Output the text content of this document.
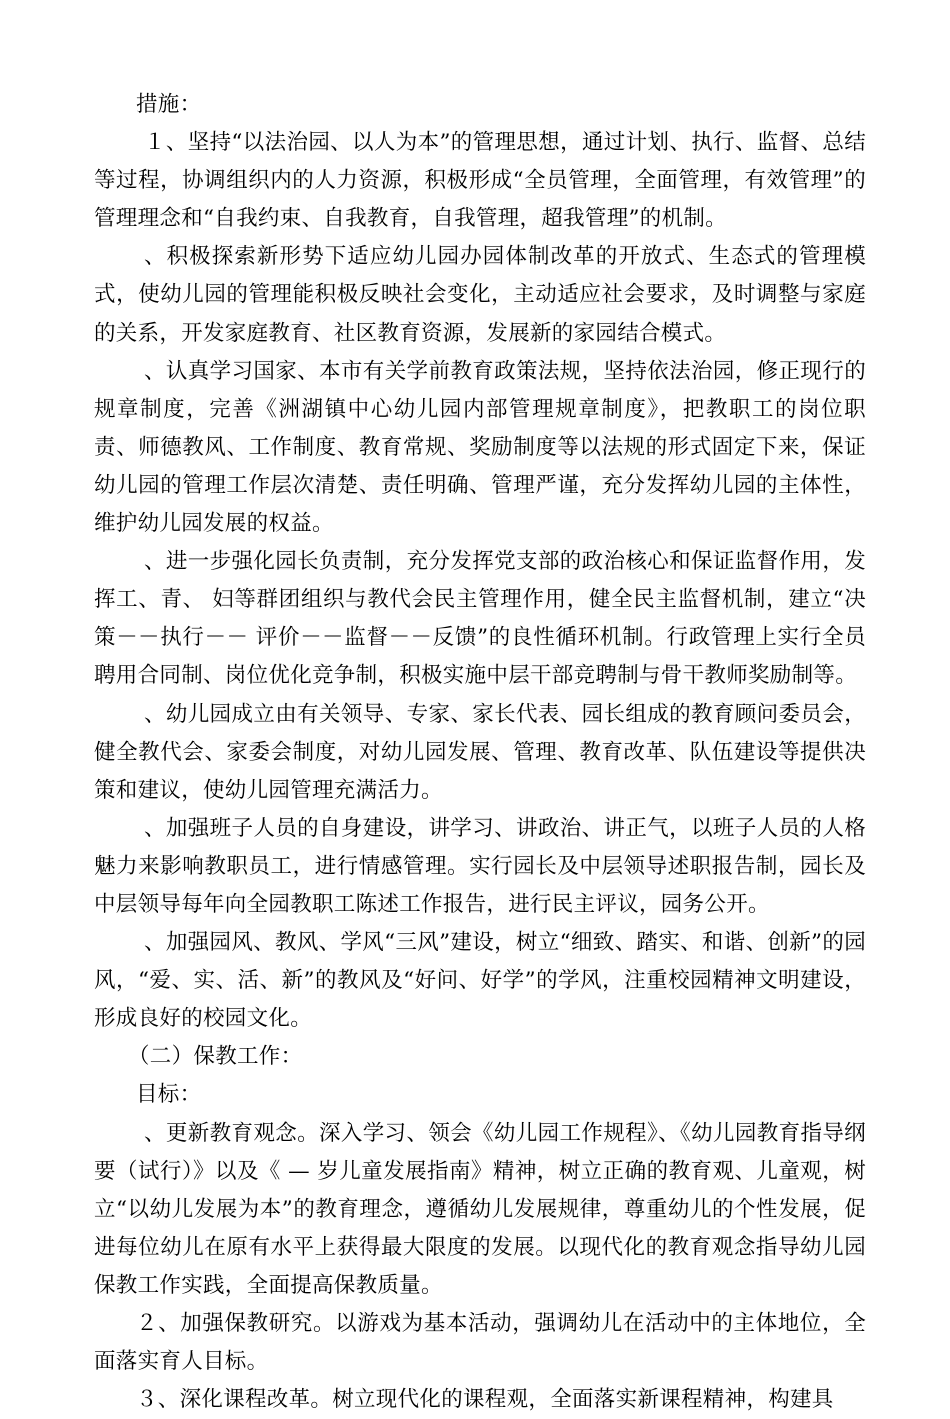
措施：

１、坚持“以法治园、以人为本”的管理思想，通过计划、执行、监督、总结等过程，协调组织内的人力资源，积极形成“全员管理，全面管理，有效管理”的管理理念和“自我约束、自我教育，自我管理，超我管理”的机制。

、积极探索新形势下适应幼儿园办园体制改革的开放式、生态式的管理模式，使幼儿园的管理能积极反映社会变化，主动适应社会要求，及时调整与家庭的关系，开发家庭教育、社区教育资源，发展新的家园结合模式。

、认真学习国家、本市有关学前教育政策法规，坚持依法治园，修正现行的规章制度，完善《洲湖镇中心幼儿园内部管理规章制度》，把教职工的岗位职责、师德教风、工作制度、教育常规、奖励制度等以法规的形式固定下来，保证幼儿园的管理工作层次清楚、责任明确、管理严谨，充分发挥幼儿园的主体性，维护幼儿园发展的权益。

、进一步强化园长负责制，充分发挥党支部的政治核心和保证监督作用，发挥工、青、 妇等群团组织与教代会民主管理作用，健全民主监督机制，建立“决策－－执行－－ 评价－－监督－－反馈”的良性循环机制。行政管理上实行全员聘用合同制、岗位优化竞争制，积极实施中层干部竞聘制与骨干教师奖励制等。

、幼儿园成立由有关领导、专家、家长代表、园长组成的教育顾问委员会，健全教代会、家委会制度，对幼儿园发展、管理、教育改革、队伍建设等提供决策和建议，使幼儿园管理充满活力。

、加强班子人员的自身建设，讲学习、讲政治、讲正气，以班子人员的人格魅力来影响教职员工，进行情感管理。实行园长及中层领导述职报告制，园长及中层领导每年向全园教职工陈述工作报告，进行民主评议，园务公开。

、加强园风、教风、学风“三风”建设，树立“细致、踏实、和谐、创新”的园风，“爱、实、活、新”的教风及“好问、好学”的学风，注重校园精神文明建设，形成良好的校园文化。

（二）保教工作：

目标：

、更新教育观念。深入学习、领会《幼儿园工作规程》、《幼儿园教育指导纲要（试行）》以及《 — 岁儿童发展指南》精神，树立正确的教育观、儿童观，树立“以幼儿发展为本”的教育理念，遵循幼儿发展规律，尊重幼儿的个性发展，促进每位幼儿在原有水平上获得最大限度的发展。以现代化的教育观念指导幼儿园保教工作实践，全面提高保教质量。

２、加强保教研究。以游戏为基本活动，强调幼儿在活动中的主体地位，全面落实育人目标。

３、深化课程改革。树立现代化的课程观，全面落实新课程精神，构建具
